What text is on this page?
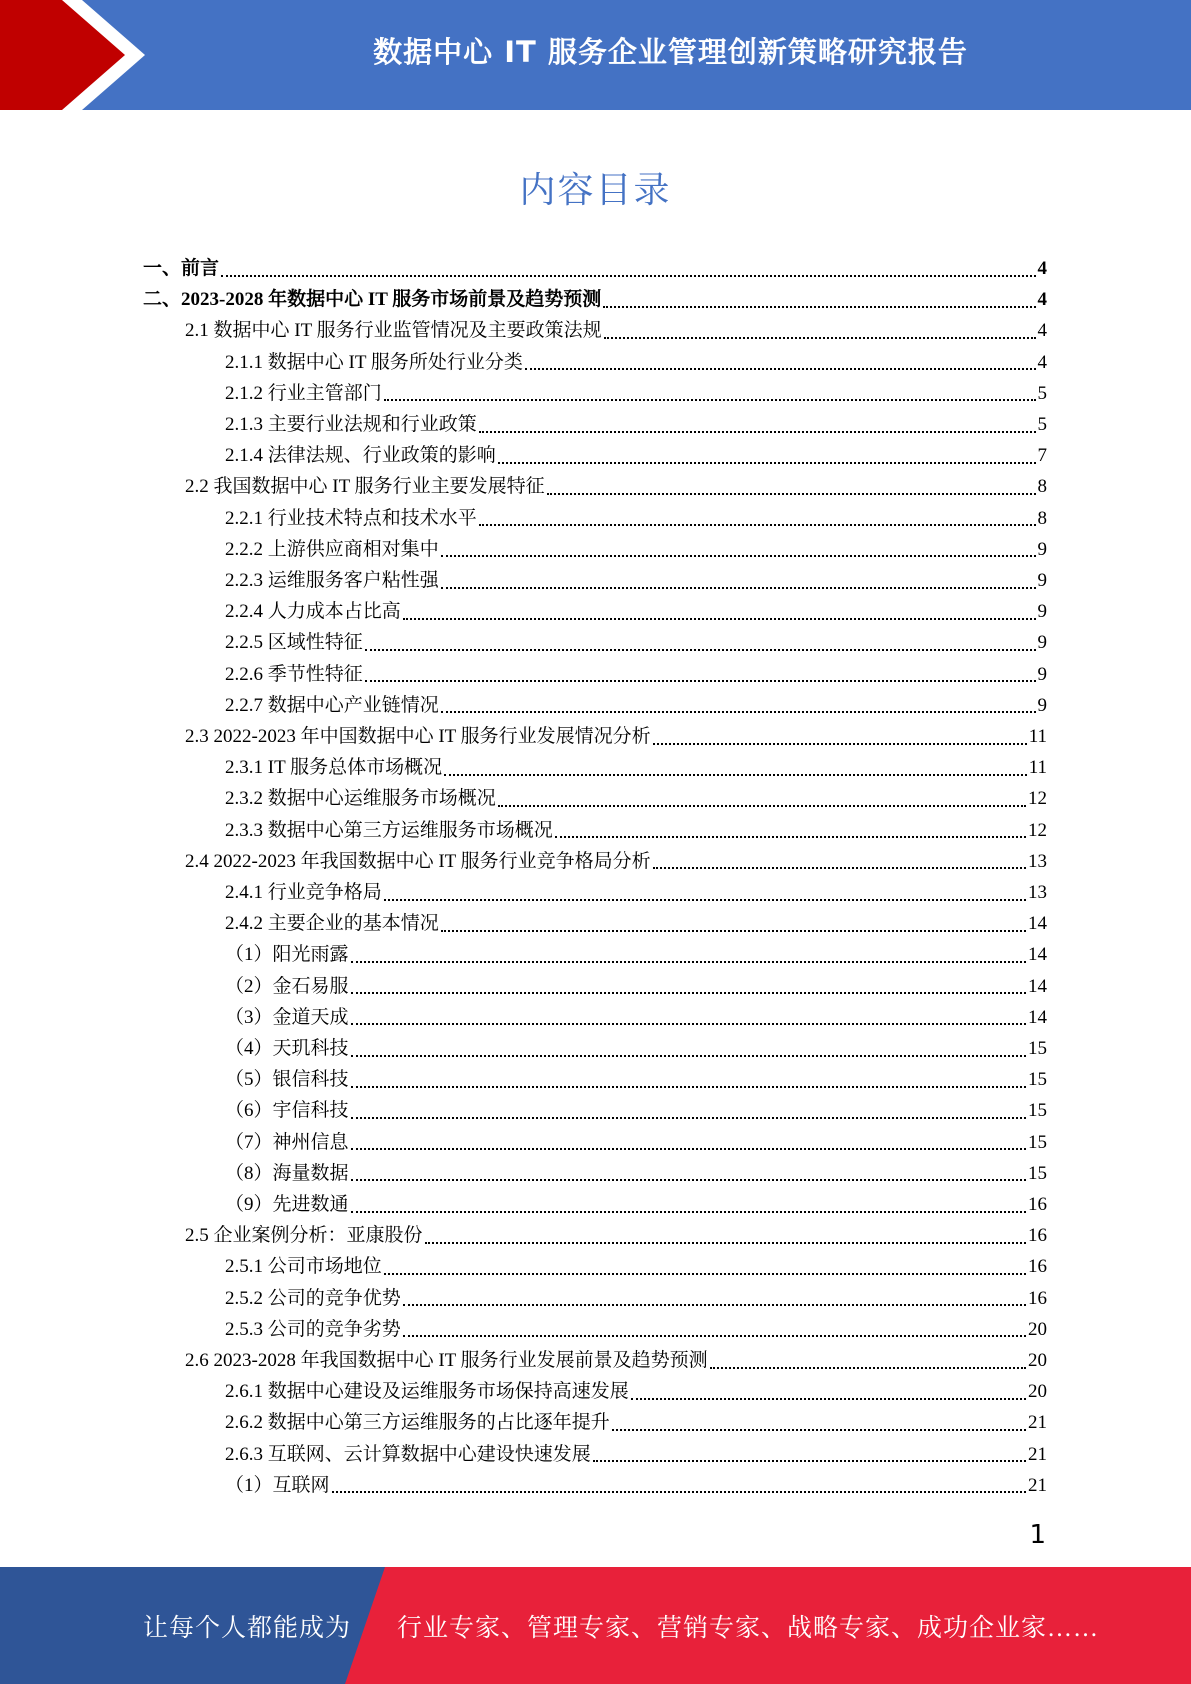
数据中心 IT 服务企业管理创新策略研究报告
内容目录
一、前言	4
二、2023-2028 年数据中心 IT 服务市场前景及趋势预测	4
2.1 数据中心 IT 服务行业监管情况及主要政策法规	4
2.1.1 数据中心 IT 服务所处行业分类	4
2.1.2 行业主管部门	5
2.1.3 主要行业法规和行业政策	5
2.1.4 法律法规、行业政策的影响	7
2.2 我国数据中心 IT 服务行业主要发展特征	8
2.2.1 行业技术特点和技术水平	8
2.2.2 上游供应商相对集中	9
2.2.3 运维服务客户粘性强	9
2.2.4 人力成本占比高	9
2.2.5 区域性特征	9
2.2.6 季节性特征	9
2.2.7 数据中心产业链情况	9
2.3 2022-2023 年中国数据中心 IT 服务行业发展情况分析	11
2.3.1 IT 服务总体市场概况	11
2.3.2 数据中心运维服务市场概况	12
2.3.3 数据中心第三方运维服务市场概况	12
2.4 2022-2023 年我国数据中心 IT 服务行业竞争格局分析	13
2.4.1 行业竞争格局	13
2.4.2 主要企业的基本情况	14
（1）阳光雨露	14
（2）金石易服	14
（3）金道天成	14
（4）天玑科技	15
（5）银信科技	15
（6）宇信科技	15
（7）神州信息	15
（8）海量数据	15
（9）先进数通	16
2.5 企业案例分析：亚康股份	16
2.5.1 公司市场地位	16
2.5.2 公司的竞争优势	16
2.5.3 公司的竞争劣势	20
2.6 2023-2028 年我国数据中心 IT 服务行业发展前景及趋势预测	20
2.6.1 数据中心建设及运维服务市场保持高速发展	20
2.6.2 数据中心第三方运维服务的占比逐年提升	21
2.6.3 互联网、云计算数据中心建设快速发展	21
（1）互联网	21
1
让每个人都能成为 行业专家、管理专家、营销专家、战略专家、成功企业家……
